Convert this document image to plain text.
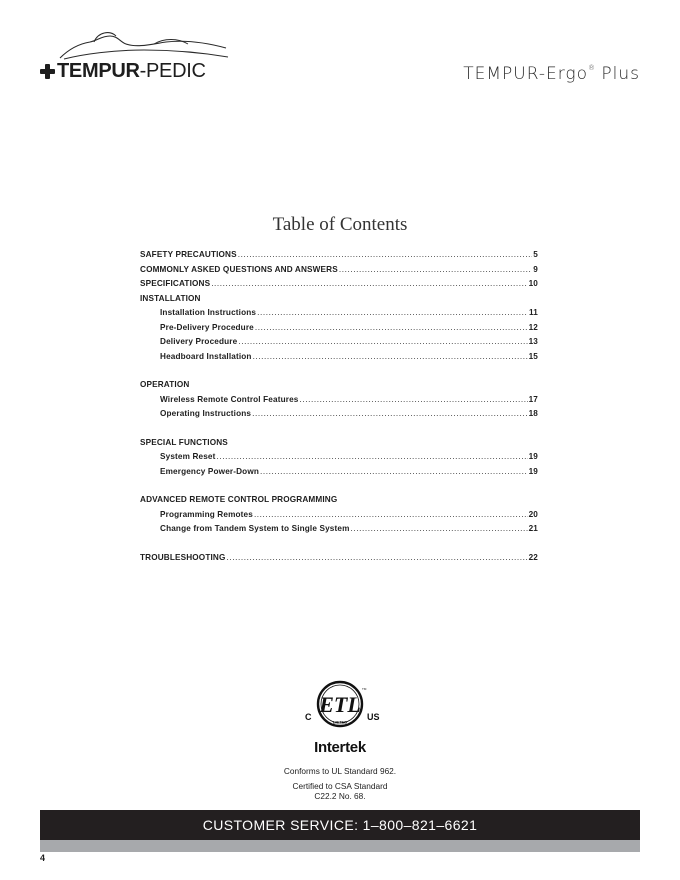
TEMPUR-PEDIC	TEMPUR-Ergo® Plus
Table of Contents
SAFETY PRECAUTIONS .....	5
COMMONLY ASKED QUESTIONS AND ANSWERS .....	9
SPECIFICATIONS .....	10
INSTALLATION
Installation Instructions .....	11
Pre-Delivery Procedure .....	12
Delivery Procedure .....	13
Headboard Installation .....	15
OPERATION
Wireless Remote Control Features .....	17
Operating Instructions .....	18
SPECIAL FUNCTIONS
System Reset .....	19
Emergency Power-Down .....	19
ADVANCED REMOTE CONTROL PROGRAMMING
Programming Remotes .....	20
Change from Tandem System to Single System .....	21
TROUBLESHOOTING .....	22
ETL
TM
LISTED
C	US
Intertek
Conforms to UL Standard 962.
Certified to CSA Standard
C22.2 No. 68.
CUSTOMER SERVICE: 1–800–821–6621
4
